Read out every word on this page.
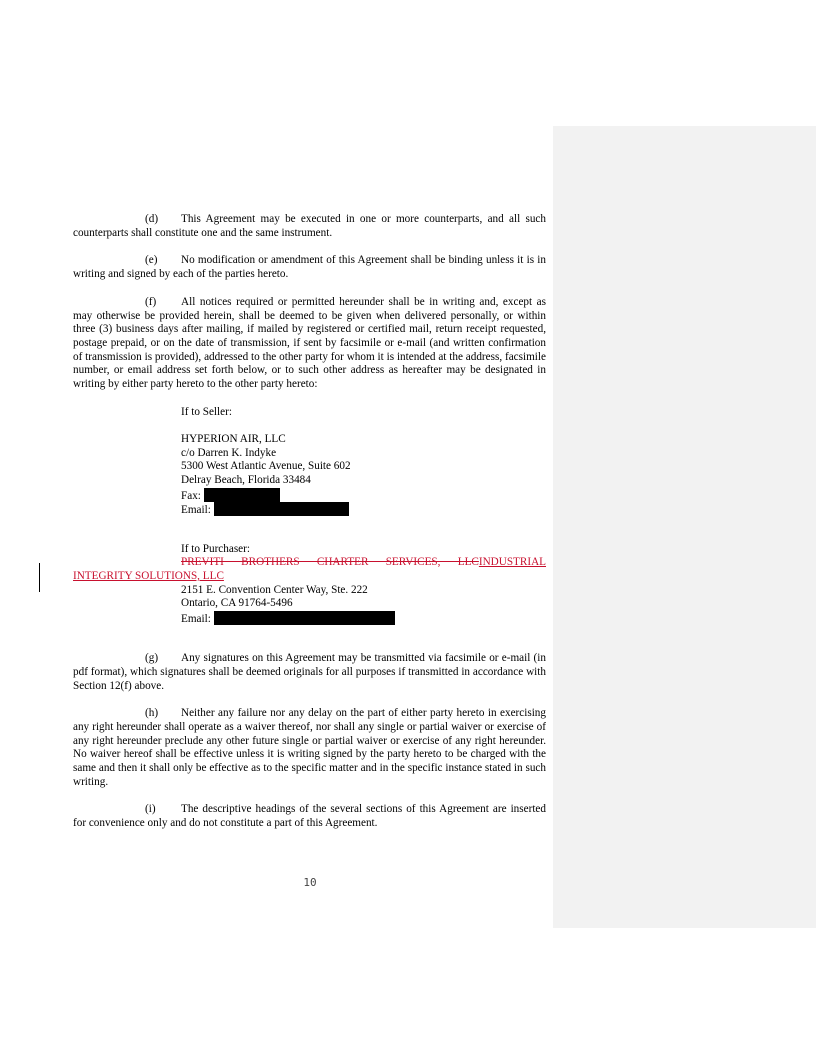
(d) This Agreement may be executed in one or more counterparts, and all such counterparts shall constitute one and the same instrument.

(e) No modification or amendment of this Agreement shall be binding unless it is in writing and signed by each of the parties hereto.

(f) All notices required or permitted hereunder shall be in writing and, except as may otherwise be provided herein, shall be deemed to be given when delivered personally, or within three (3) business days after mailing, if mailed by registered or certified mail, return receipt requested, postage prepaid, or on the date of transmission, if sent by facsimile or e-mail (and written confirmation of transmission is provided), addressed to the other party for whom it is intended at the address, facsimile number, or email address set forth below, or to such other address as hereafter may be designated in writing by either party hereto to the other party hereto:

If to Seller:
HYPERION AIR, LLC
c/o Darren K. Indyke
5300 West Atlantic Avenue, Suite 602
Delray Beach, Florida 33484
Fax:
Email:
If to Purchaser:
PREVITI BROTHERS CHARTER SERVICES, LLCINDUSTRIAL INTEGRITY SOLUTIONS, LLC
2151 E. Convention Center Way, Ste. 222
Ontario, CA 91764-5496
Email:

(g) Any signatures on this Agreement may be transmitted via facsimile or e-mail (in pdf format), which signatures shall be deemed originals for all purposes if transmitted in accordance with Section 12(f) above.

(h) Neither any failure nor any delay on the part of either party hereto in exercising any right hereunder shall operate as a waiver thereof, nor shall any single or partial waiver or exercise of any right hereunder preclude any other future single or partial waiver or exercise of any right hereunder. No waiver hereof shall be effective unless it is writing signed by the party hereto to be charged with the same and then it shall only be effective as to the specific matter and in the specific instance stated in such writing.

(i) The descriptive headings of the several sections of this Agreement are inserted for convenience only and do not constitute a part of this Agreement.

10
